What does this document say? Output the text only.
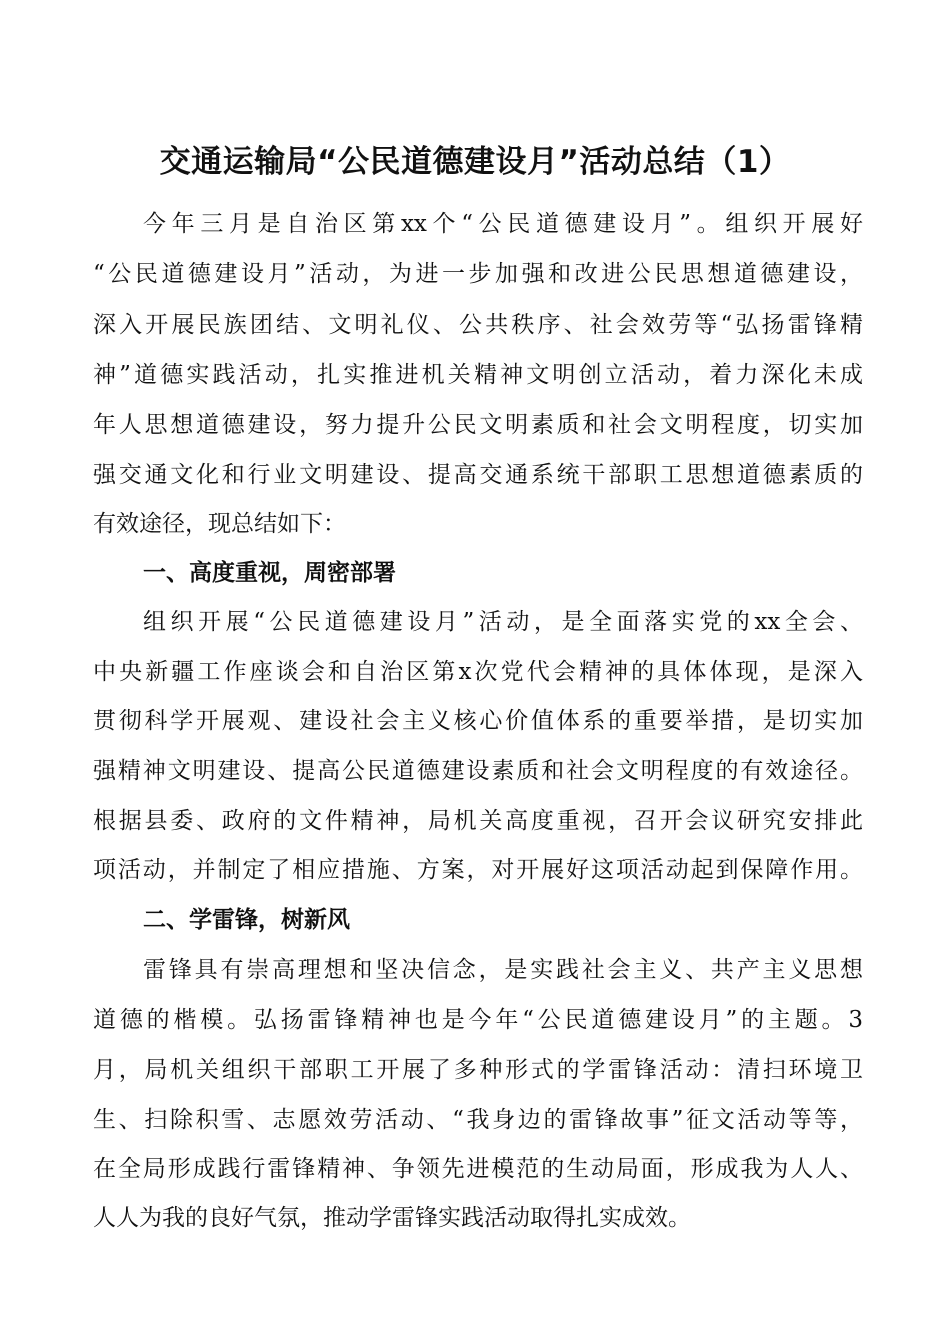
交通运输局“公民道德建设月”活动总结（1）
今年三月是自治区第xx个“公民道德建设月”。组织开展好
“公民道德建设月”活动，为进一步加强和改进公民思想道德建设，
深入开展民族团结、文明礼仪、公共秩序、社会效劳等“弘扬雷锋精
神”道德实践活动，扎实推进机关精神文明创立活动，着力深化未成
年人思想道德建设，努力提升公民文明素质和社会文明程度，切实加
强交通文化和行业文明建设、提高交通系统干部职工思想道德素质的
有效途径，现总结如下：
一、高度重视，周密部署
组织开展“公民道德建设月”活动，是全面落实党的xx全会、
中央新疆工作座谈会和自治区第x次党代会精神的具体体现，是深入
贯彻科学开展观、建设社会主义核心价值体系的重要举措，是切实加
强精神文明建设、提高公民道德建设素质和社会文明程度的有效途径。
根据县委、政府的文件精神，局机关高度重视，召开会议研究安排此
项活动，并制定了相应措施、方案，对开展好这项活动起到保障作用。
二、学雷锋，树新风
雷锋具有崇高理想和坚决信念，是实践社会主义、共产主义思想
道德的楷模。弘扬雷锋精神也是今年“公民道德建设月”的主题。3
月，局机关组织干部职工开展了多种形式的学雷锋活动：清扫环境卫
生、扫除积雪、志愿效劳活动、“我身边的雷锋故事”征文活动等等，
在全局形成践行雷锋精神、争领先进模范的生动局面，形成我为人人、
人人为我的良好气氛，推动学雷锋实践活动取得扎实成效。
